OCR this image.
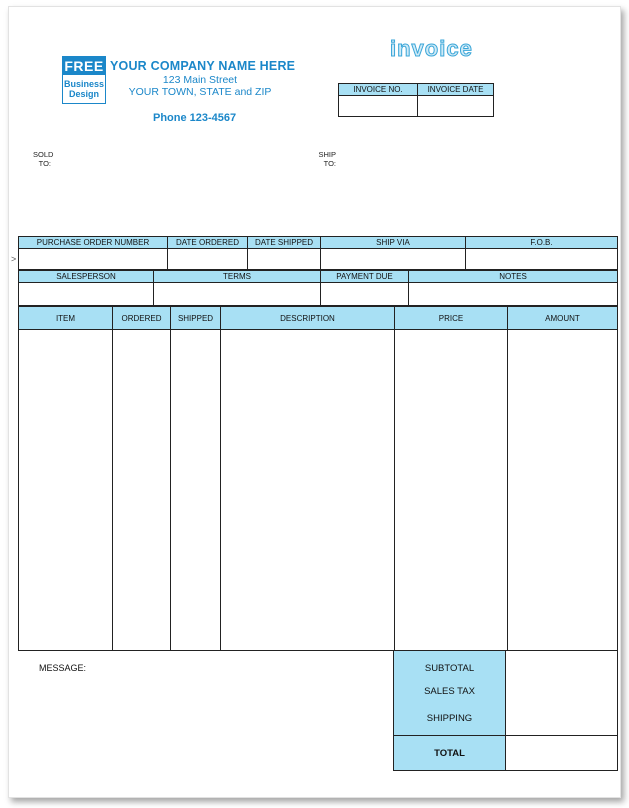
FREE
Business
Design
YOUR COMPANY NAME HERE
123 Main Street
YOUR TOWN, STATE and ZIP
Phone 123-4567
invoice
INVOICE NO.	INVOICE DATE

SOLD
TO:
SHIP
TO:
>
PURCHASE ORDER NUMBER	DATE ORDERED	DATE SHIPPED	SHIP VIA	F.O.B.

SALESPERSON	TERMS	PAYMENT DUE	NOTES

ITEM	ORDERED	SHIPPED	DESCRIPTION	PRICE	AMOUNT

MESSAGE:	SUBTOTAL
SALES TAX
SHIPPING
TOTAL
